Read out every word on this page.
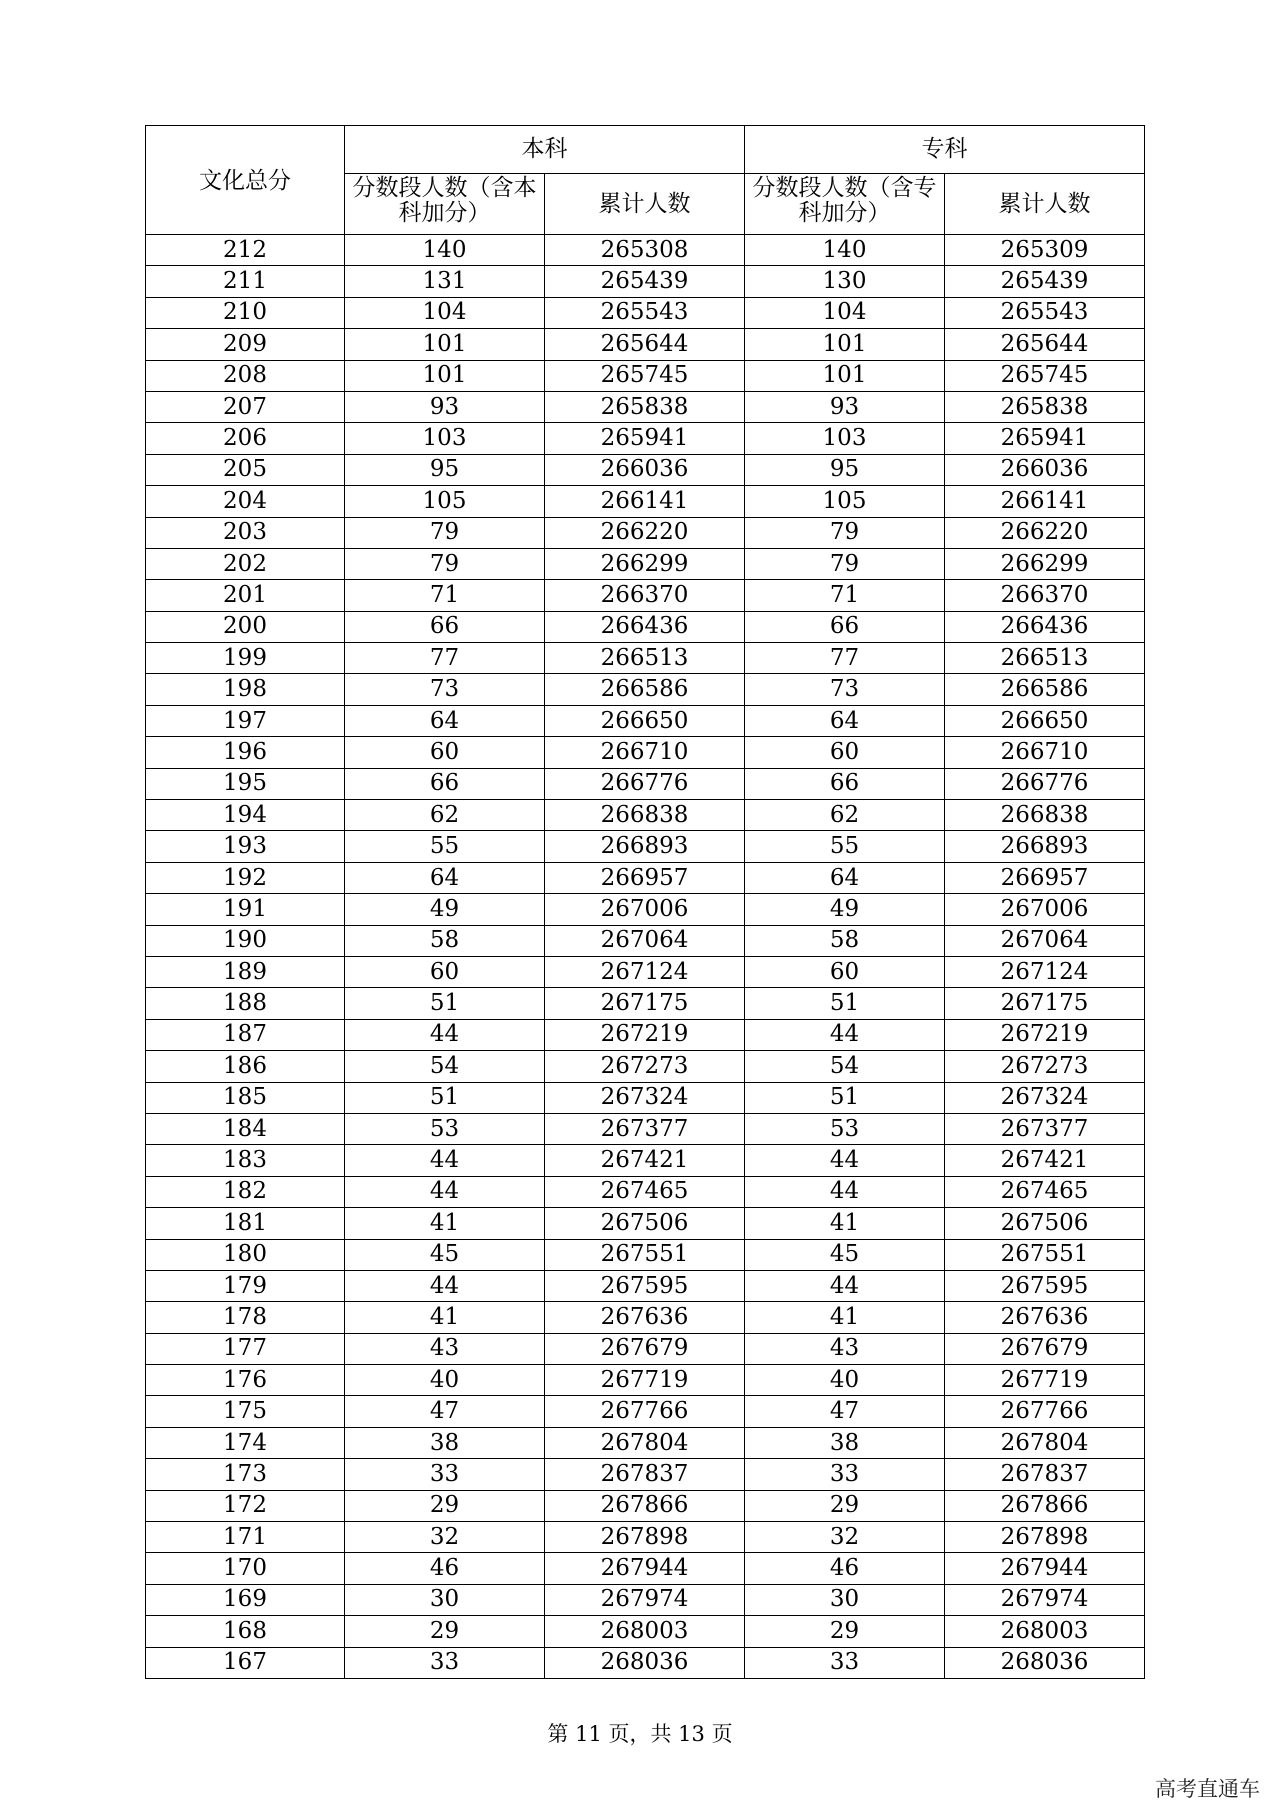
文化总分	本科		专科	
	分数段人数（含本科加分）	累计人数	分数段人数（含专科加分）	累计人数
212	140	265308	140	265309
211	131	265439	130	265439
210	104	265543	104	265543
209	101	265644	101	265644
208	101	265745	101	265745
207	93	265838	93	265838
206	103	265941	103	265941
205	95	266036	95	266036
204	105	266141	105	266141
203	79	266220	79	266220
202	79	266299	79	266299
201	71	266370	71	266370
200	66	266436	66	266436
199	77	266513	77	266513
198	73	266586	73	266586
197	64	266650	64	266650
196	60	266710	60	266710
195	66	266776	66	266776
194	62	266838	62	266838
193	55	266893	55	266893
192	64	266957	64	266957
191	49	267006	49	267006
190	58	267064	58	267064
189	60	267124	60	267124
188	51	267175	51	267175
187	44	267219	44	267219
186	54	267273	54	267273
185	51	267324	51	267324
184	53	267377	53	267377
183	44	267421	44	267421
182	44	267465	44	267465
181	41	267506	41	267506
180	45	267551	45	267551
179	44	267595	44	267595
178	41	267636	41	267636
177	43	267679	43	267679
176	40	267719	40	267719
175	47	267766	47	267766
174	38	267804	38	267804
173	33	267837	33	267837
172	29	267866	29	267866
171	32	267898	32	267898
170	46	267944	46	267944
169	30	267974	30	267974
168	29	268003	29	268003
167	33	268036	33	268036
第 11 页，共 13 页
高考直通车
